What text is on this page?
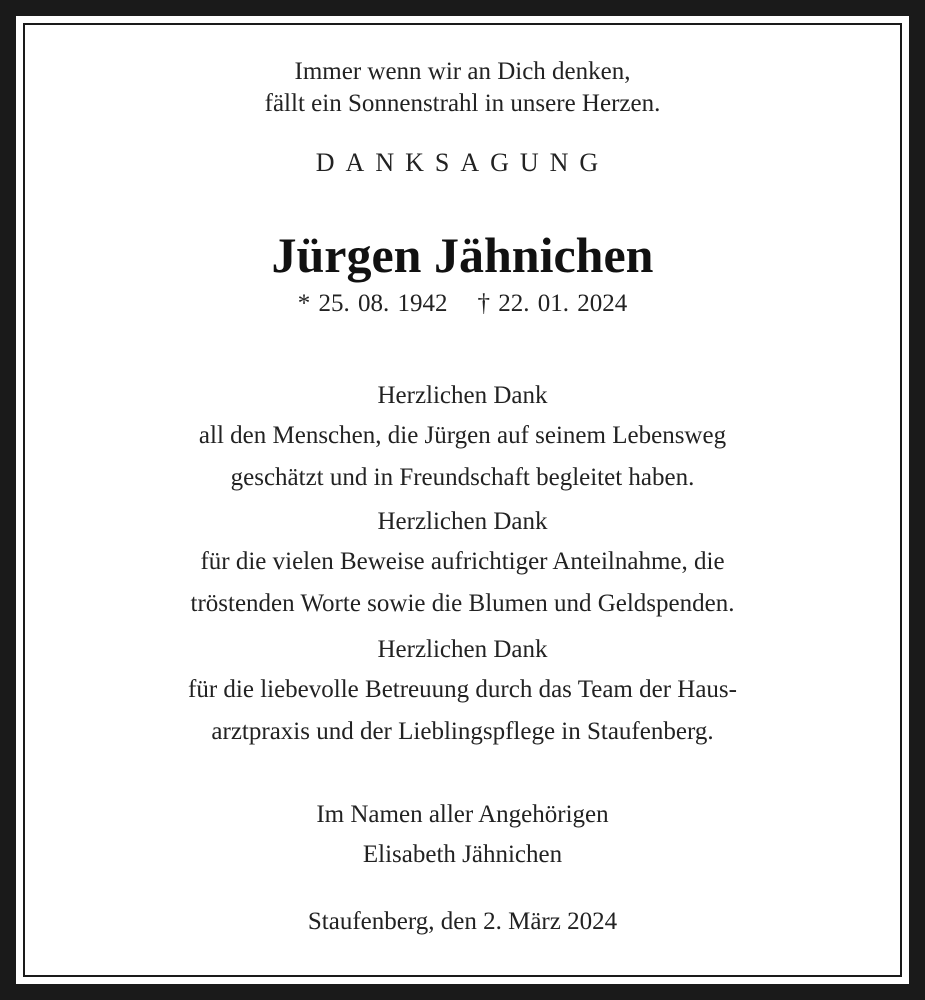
Immer wenn wir an Dich denken,
fällt ein Sonnenstrahl in unsere Herzen.
DANKSAGUNG
Jürgen Jähnichen
* 25. 08. 1942 † 22. 01. 2024
Herzlichen Dank
all den Menschen, die Jürgen auf seinem Lebensweg
geschätzt und in Freundschaft begleitet haben.
Herzlichen Dank
für die vielen Beweise aufrichtiger Anteilnahme, die
tröstenden Worte sowie die Blumen und Geldspenden.
Herzlichen Dank
für die liebevolle Betreuung durch das Team der Haus-
arztpraxis und der Lieblingspflege in Staufenberg.
Im Namen aller Angehörigen
Elisabeth Jähnichen
Staufenberg, den 2. März 2024
